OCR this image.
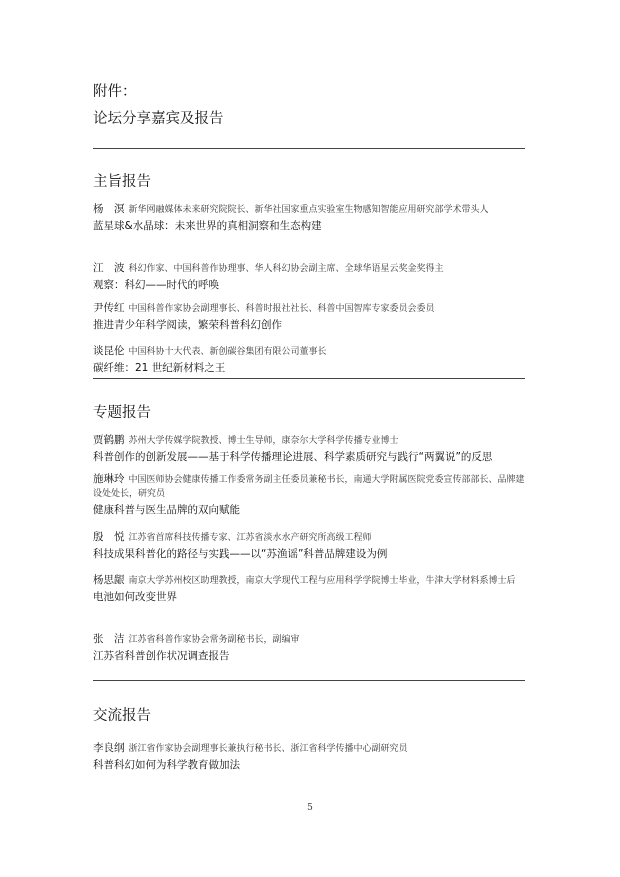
附件：
论坛分享嘉宾及报告
主旨报告
杨　溟 新华网融媒体未来研究院院长、新华社国家重点实验室生物感知智能应用研究部学术带头人
蓝星球&水晶球：未来世界的真相洞察和生态构建
江　波 科幻作家、中国科普作协理事、华人科幻协会副主席、全球华语星云奖金奖得主
观察：科幻——时代的呼唤
尹传红 中国科普作家协会副理事长、科普时报社社长、科普中国智库专家委员会委员
推进青少年科学阅读，繁荣科普科幻创作
谈昆伦 中国科协十大代表、新创碳谷集团有限公司董事长
碳纤维：21 世纪新材料之王
专题报告
贾鹤鹏 苏州大学传媒学院教授、博士生导师，康奈尔大学科学传播专业博士
科普创作的创新发展——基于科学传播理论进展、科学素质研究与践行“两翼说”的反思
施琳玲 中国医师协会健康传播工作委常务副主任委员兼秘书长，南通大学附属医院党委宣传部部长、品牌建设处处长，研究员
健康科普与医生品牌的双向赋能
殷　悦 江苏省首席科技传播专家、江苏省淡水水产研究所高级工程师
科技成果科普化的路径与实践——以“苏渔谣”科普品牌建设为例
杨思龈 南京大学苏州校区助理教授，南京大学现代工程与应用科学学院博士毕业，牛津大学材料系博士后
电池如何改变世界
张　洁 江苏省科普作家协会常务副秘书长，副编审
江苏省科普创作状况调查报告
交流报告
李良纲 浙江省作家协会副理事长兼执行秘书长、浙江省科学传播中心副研究员
科普科幻如何为科学教育做加法
5
